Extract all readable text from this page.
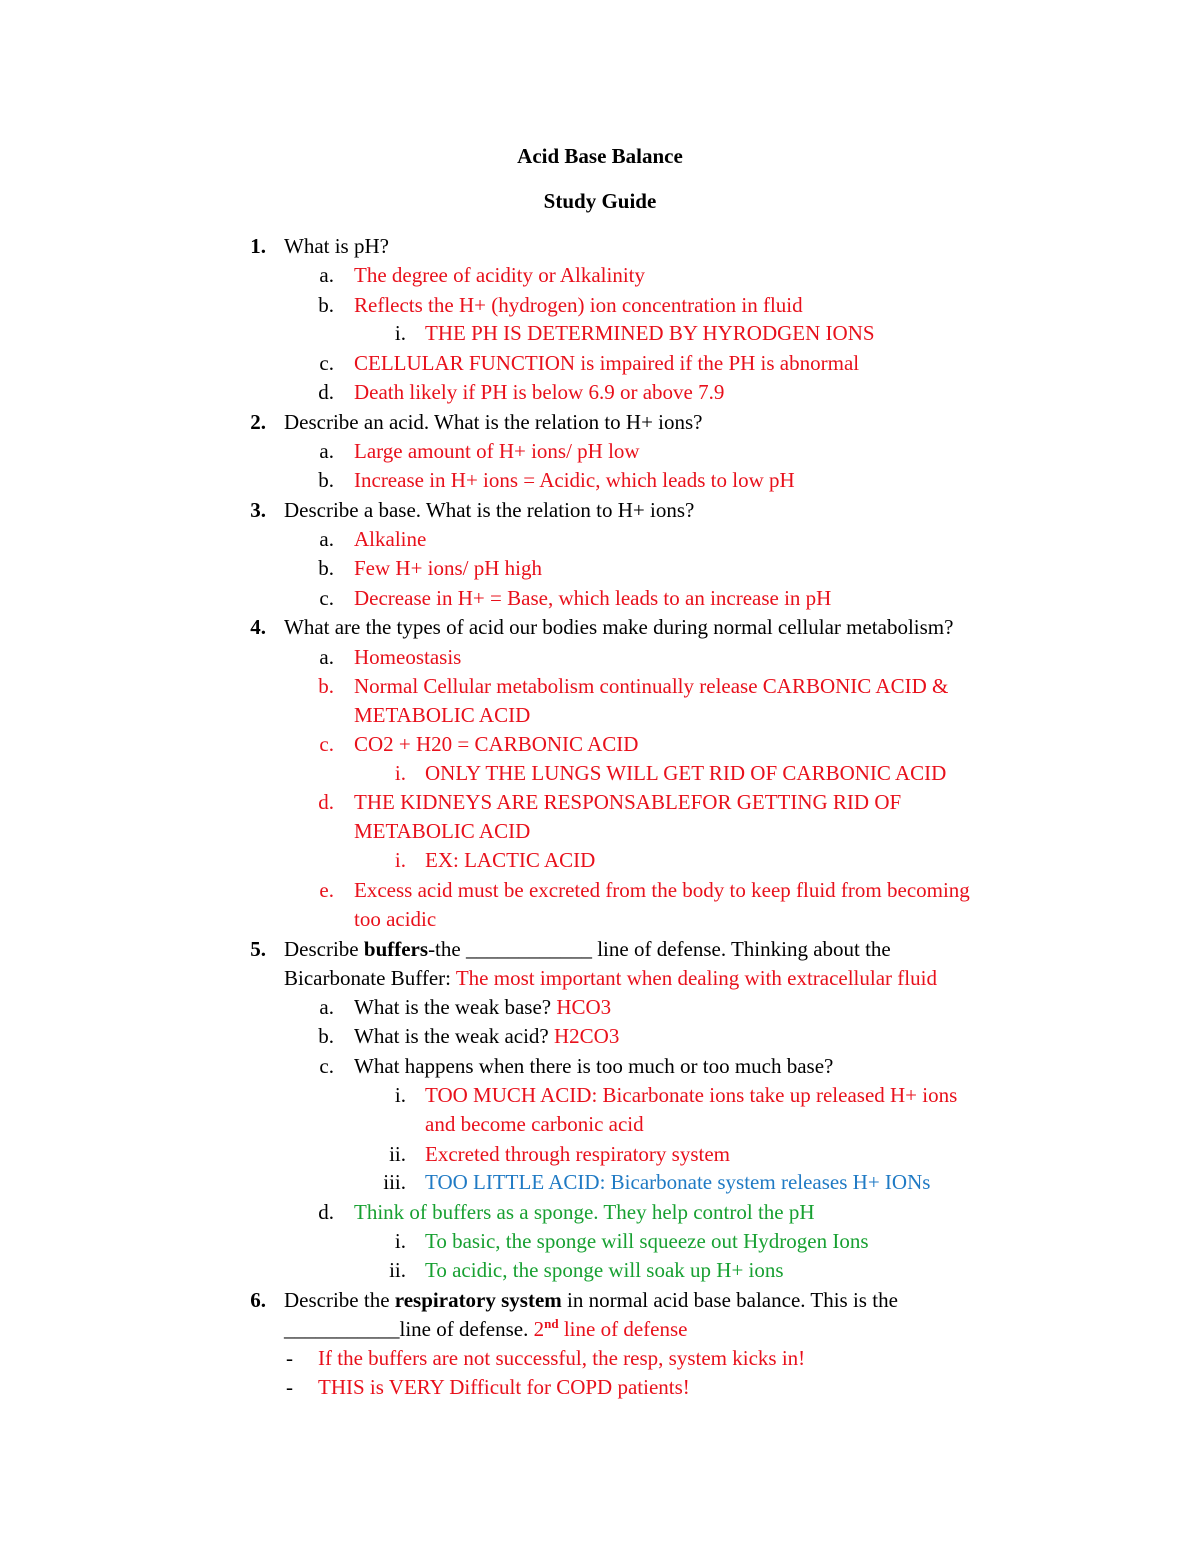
Acid Base Balance
Study Guide
1. What is pH?
a. The degree of acidity or Alkalinity
b. Reflects the H+ (hydrogen) ion concentration in fluid
i. THE PH IS DETERMINED BY HYRODGEN IONS
c. CELLULAR FUNCTION is impaired if the PH is abnormal
d. Death likely if PH is below 6.9 or above 7.9
2. Describe an acid. What is the relation to H+ ions?
a. Large amount of H+ ions/ pH low
b. Increase in H+ ions = Acidic, which leads to low pH
3. Describe a base. What is the relation to H+ ions?
a. Alkaline
b. Few H+ ions/ pH high
c. Decrease in H+ = Base, which leads to an increase in pH
4. What are the types of acid our bodies make during normal cellular metabolism?
a. Homeostasis
b. Normal Cellular metabolism continually release CARBONIC ACID &
METABOLIC ACID
c. CO2 + H20 = CARBONIC ACID
i. ONLY THE LUNGS WILL GET RID OF CARBONIC ACID
d. THE KIDNEYS ARE RESPONSABLEFOR GETTING RID OF
METABOLIC ACID
i. EX: LACTIC ACID
e. Excess acid must be excreted from the body to keep fluid from becoming
too acidic
5. Describe buffers-the ____________ line of defense. Thinking about the
Bicarbonate Buffer: The most important when dealing with extracellular fluid
a. What is the weak base? HCO3
b. What is the weak acid? H2CO3
c. What happens when there is too much or too much base?
i. TOO MUCH ACID: Bicarbonate ions take up released H+ ions
and become carbonic acid
ii. Excreted through respiratory system
iii. TOO LITTLE ACID: Bicarbonate system releases H+ IONs
d. Think of buffers as a sponge. They help control the pH
i. To basic, the sponge will squeeze out Hydrogen Ions
ii. To acidic, the sponge will soak up H+ ions
6. Describe the respiratory system in normal acid base balance. This is the
___________line of defense. 2nd line of defense
- If the buffers are not successful, the resp, system kicks in!
- THIS is VERY Difficult for COPD patients!
